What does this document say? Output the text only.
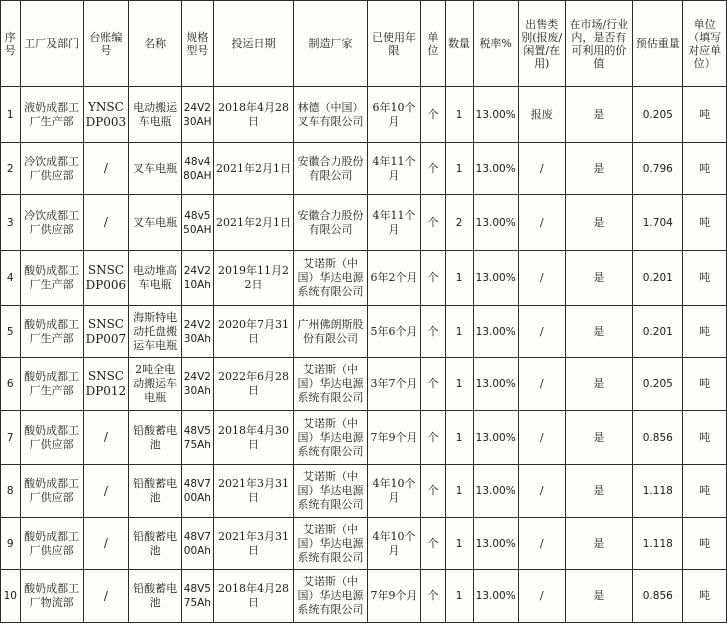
序号	工厂及部门	台账编号	名称	规格型号	投运日期	制造厂家	已使用年限	单位	数量	税率%	出售类别(报废/闲置/在用)	在市场/行业内，是否有可利用的价值	预估重量	单位（填写对应单位）
1	液奶成都工厂生产部	YNSCDP003	电动搬运车电瓶	24V230AH	2018年4月28日	林德（中国）叉车有限公司	6年10个月	个	1	13.00%	报废	是	0.205	吨
2	冷饮成都工厂供应部	/	叉车电瓶	48v480AH	2021年2月1日	安徽合力股份有限公司	4年11个月	个	1	13.00%	/	是	0.796	吨
3	冷饮成都工厂供应部	/	叉车电瓶	48v550AH	2021年2月1日	安徽合力股份有限公司	4年11个月	个	2	13.00%	/	是	1.704	吨
4	酸奶成都工厂生产部	SNSCDP006	电动堆高车电瓶	24V210Ah	2019年11月22日	艾诺斯（中国）华达电源系统有限公司	6年2个月	个	1	13.00%	/	是	0.201	吨
5	酸奶成都工厂生产部	SNSCDP007	海斯特电动托盘搬运车电瓶	24V230Ah	2020年7月31日	广州佛朗斯股份有限公司	5年6个月	个	1	13.00%	/	是	0.201	吨
6	酸奶成都工厂生产部	SNSCDP012	2吨全电动搬运车电瓶	24V230Ah	2022年6月28日	艾诺斯（中国）华达电源系统有限公司	3年7个月	个	1	13.00%	/	是	0.205	吨
7	酸奶成都工厂供应部	/	铅酸蓄电池	48V575Ah	2018年4月30日	艾诺斯（中国）华达电源系统有限公司	7年9个月	个	1	13.00%	/	是	0.856	吨
8	酸奶成都工厂供应部	/	铅酸蓄电池	48V700Ah	2021年3月31日	艾诺斯（中国）华达电源系统有限公司	4年10个月	个	1	13.00%	/	是	1.118	吨
9	酸奶成都工厂供应部	/	铅酸蓄电池	48V700Ah	2021年3月31日	艾诺斯（中国）华达电源系统有限公司	4年10个月	个	1	13.00%	/	是	1.118	吨
10	酸奶成都工厂物流部	/	铅酸蓄电池	48V575Ah	2018年4月28日	艾诺斯（中国）华达电源系统有限公司	7年9个月	个	1	13.00%	/	是	0.856	吨
